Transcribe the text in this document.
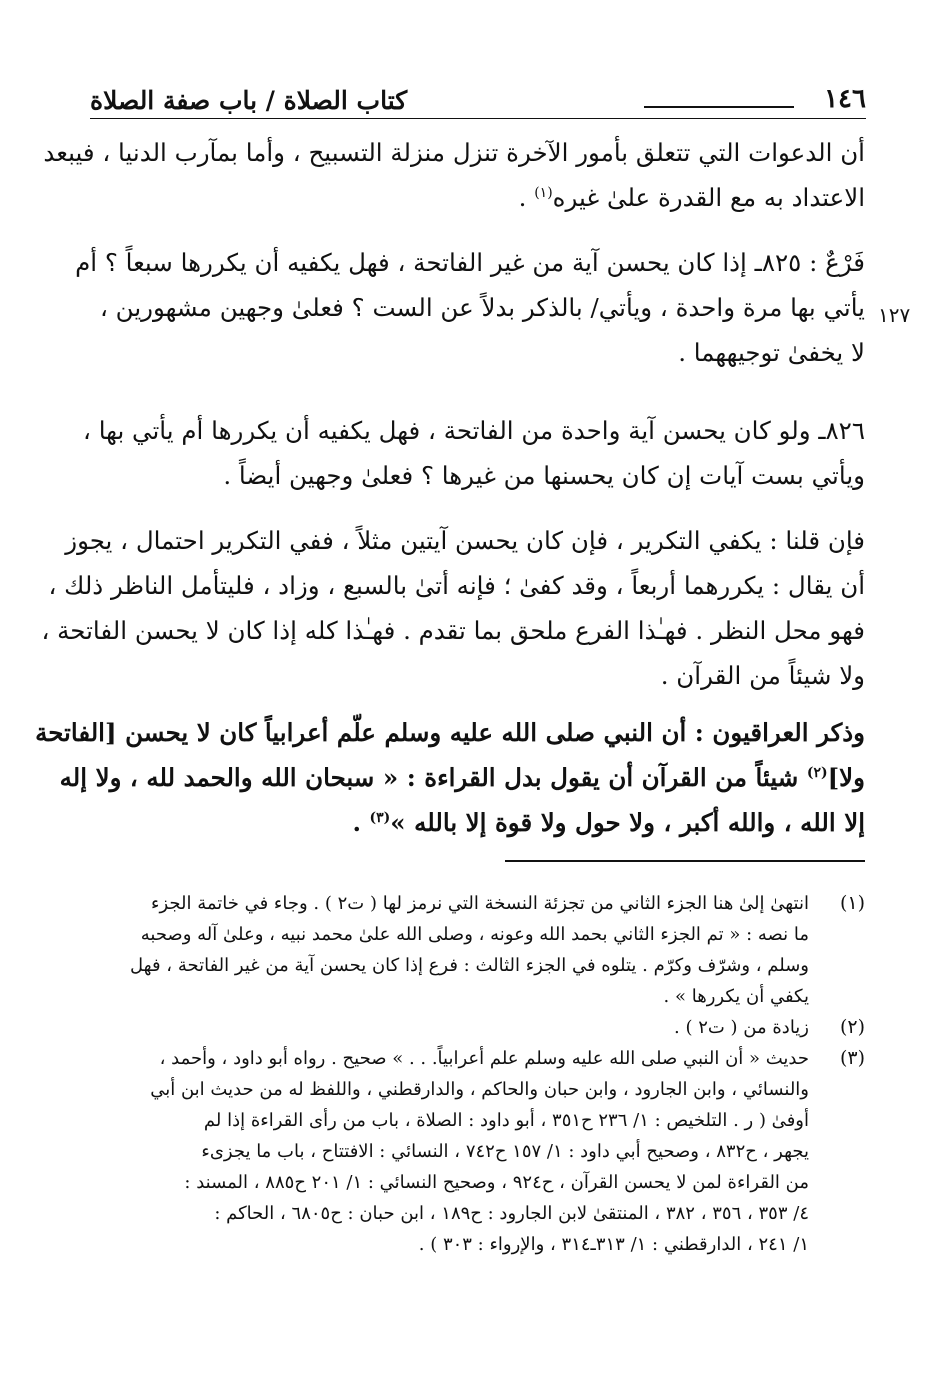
١٤٦
كتاب الصلاة / باب صفة الصلاة
١٢٧
أن الدعوات التي تتعلق بأمور الآخرة تنزل منزلة التسبيح ، وأما بمآرب الدنيا ، فيبعد
الاعتداد به مع القدرة علىٰ غيره$^{(١)}$ .
فَرْعٌ : ٨٢٥ـ إذا كان يحسن آية من غير الفاتحة ، فهل يكفيه أن يكررها سبعاً ؟ أم
يأتي بها مرة واحدة ، ويأتي/ بالذكر بدلاً عن الست ؟ فعلىٰ وجهين مشهورين ،
لا يخفىٰ توجيههما .
٨٢٦ـ ولو كان يحسن آية واحدة من الفاتحة ، فهل يكفيه أن يكررها أم يأتي بها ،
ويأتي بست آيات إن كان يحسنها من غيرها ؟ فعلىٰ وجهين أيضاً .
فإن قلنا : يكفي التكرير ، فإن كان يحسن آيتين مثلاً ، ففي التكرير احتمال ، يجوز
أن يقال : يكررهما أربعاً ، وقد كفىٰ ؛ فإنه أتىٰ بالسبع ، وزاد ، فليتأمل الناظر ذلك ،
فهو محل النظر . فهـٰذا الفرع ملحق بما تقدم . فهـٰذا كله إذا كان لا يحسن الفاتحة ،
ولا شيئاً من القرآن .
وذكر العراقيون : أن النبي صلى الله عليه وسلم علّم أعرابياً كان لا يحسن [الفاتحة
ولا]$^{(٢)}$ شيئاً من القرآن أن يقول بدل القراءة : « سبحان الله والحمد لله ، ولا إله
إلا الله ، والله أكبر ، ولا حول ولا قوة إلا بالله »$^{(٣)}$ .
(١)
انتهىٰ إلىٰ هنا الجزء الثاني من تجزئة النسخة التي نرمز لها ( ت٢ ) . وجاء في خاتمة الجزء
ما نصه : « تم الجزء الثاني بحمد الله وعونه ، وصلى الله علىٰ محمد نبيه ، وعلىٰ آله وصحبه
وسلم ، وشرّف وكرّم . يتلوه في الجزء الثالث : فرع إذا كان يحسن آية من غير الفاتحة ، فهل
يكفي أن يكررها » .
(٢)
زيادة من ( ت٢ ) .
(٣)
حديث « أن النبي صلى الله عليه وسلم علم أعرابياً. . . » صحيح . رواه أبو داود ، وأحمد ،
والنسائي ، وابن الجارود ، وابن حبان والحاكم ، والدارقطني ، واللفظ له من حديث ابن أبي
أوفىٰ ( ر . التلخيص : ١/ ٢٣٦ ح٣٥١ ، أبو داود : الصلاة ، باب من رأى القراءة إذا لم
يجهر ، ح٨٣٢ ، وصحيح أبي داود : ١/ ١٥٧ ح٧٤٢ ، النسائي : الافتتاح ، باب ما يجزىء
من القراءة لمن لا يحسن القرآن ، ح٩٢٤ ، وصحيح النسائي : ١/ ٢٠١ ح٨٨٥ ، المسند :
٤/ ٣٥٣ ، ٣٥٦ ، ٣٨٢ ، المنتقىٰ لابن الجارود : ح١٨٩ ، ابن حبان : ح٦٨٠٥ ، الحاكم :
١/ ٢٤١ ، الدارقطني : ١/ ٣١٣ـ٣١٤ ، والإرواء : ٣٠٣ ) .
